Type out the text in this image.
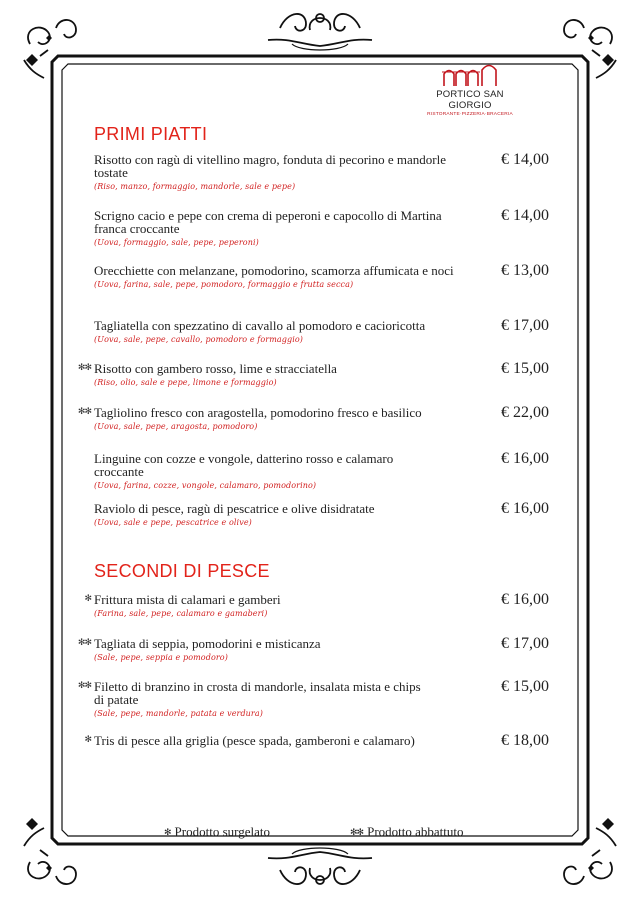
PORTICO SAN GIORGIO
RISTORANTE·PIZZERIA·BRACERIA
PRIMI PIATTI
Risotto con ragù di vitellino magro, fonduta di pecorino e mandorle tostate
(Riso, manzo, formaggio, mandorle, sale e pepe)
€ 14,00
Scrigno cacio e pepe con crema di peperoni e capocollo di Martina franca croccante
(Uova, formaggio, sale, pepe, peperoni)
€ 14,00
Orecchiette con melanzane, pomodorino, scamorza affumicata e noci
(Uova, farina, sale, pepe, pomodoro, formaggio e frutta secca)
€ 13,00
Tagliatella con spezzatino di cavallo al pomodoro e cacioricotta
(Uova, sale, pepe, cavallo, pomodoro e formaggio)
€ 17,00
✻✻ Risotto con gambero rosso, lime e stracciatella
(Riso, olio, sale e pepe, limone e formaggio)
€ 15,00
✻✻ Tagliolino fresco con aragostella, pomodorino fresco e basilico
(Uova, sale, pepe, aragosta, pomodoro)
€ 22,00
Linguine con cozze e vongole, datterino rosso e calamaro croccante
(Uova, farina, cozze, vongole, calamaro, pomodorino)
€ 16,00
Raviolo di pesce, ragù di pescatrice e olive disidratate
(Uova, sale e pepe, pescatrice e olive)
€ 16,00
SECONDI DI PESCE
✻ Frittura mista di calamari e gamberi
(Farina, sale, pepe, calamaro e gamaberi)
€ 16,00
✻✻ Tagliata di seppia, pomodorini e misticanza
(Sale, pepe, seppia e pomodoro)
€ 17,00
✻✻ Filetto di branzino in crosta di mandorle, insalata mista e chips di patate
(Sale, pepe, mandorle, patata e verdura)
€ 15,00
✻ Tris di pesce alla griglia (pesce spada, gamberoni e calamaro)	€ 18,00
✻ Prodotto surgelato	✻✻ Prodotto abbattuto
